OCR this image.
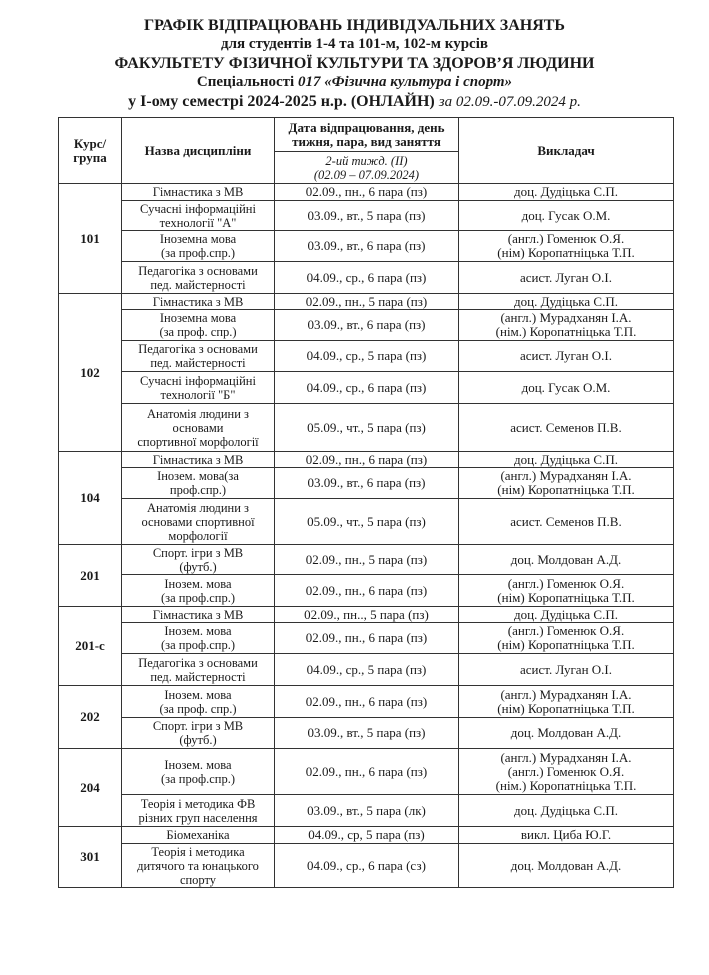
ГРАФІК ВІДПРАЦЮВАНЬ ІНДИВІДУАЛЬНИХ ЗАНЯТЬ
для студентів 1-4 та 101-м, 102-м курсів
ФАКУЛЬТЕТУ ФІЗИЧНОЇ КУЛЬТУРИ ТА ЗДОРОВ’Я ЛЮДИНИ
Спеціальності 017 «Фізична культура і спорт»
у І-ому семестрі 2024-2025 н.р. (ОНЛАЙН) за 02.09.-07.09.2024 р.
Курс/
група	Назва дисципліни	Дата відпрацювання, день
тижня, пара, вид заняття	Викладач

		2-ий тижд. (ІІ)
(02.09 – 07.09.2024)	

101	Гімнастика з МВ	02.09., пн., 6 пара (пз)	доц. Дудіцька С.П.
	Сучасні інформаційні
технології "А"	03.09., вт., 5 пара (пз)	доц. Гусак О.М.
	Іноземна мова
(за проф.спр.)	03.09., вт., 6 пара (пз)	(англ.) Гоменюк О.Я.
(нім) Коропатніцька Т.П.
	Педагогіка з основами
пед. майстерності	04.09., ср., 6 пара (пз)	асист. Луган О.І.
102	Гімнастика з МВ	02.09., пн., 5 пара (пз)	доц. Дудіцька С.П.
	Іноземна мова
(за проф. спр.)	03.09., вт., 6 пара (пз)	(англ.) Мурадханян І.А.
(нім.) Коропатніцька Т.П.
	Педагогіка з основами
пед. майстерності	04.09., ср., 5 пара (пз)	асист. Луган О.І.
	Сучасні інформаційні
технології "Б"	04.09., ср., 6 пара (пз)	доц. Гусак О.М.
	Анатомія людини з
основами
спортивної морфології	05.09., чт., 5 пара (пз)	асист. Семенов П.В.
104	Гімнастика з МВ	02.09., пн., 6 пара (пз)	доц. Дудіцька С.П.
	Інозем. мова(за
проф.спр.)	03.09., вт., 6 пара (пз)	(англ.) Мурадханян І.А.
(нім) Коропатніцька Т.П.
	Анатомія людини з
основами спортивної
морфології	05.09., чт., 5 пара (пз)	асист. Семенов П.В.
201	Спорт. ігри з МВ
(футб.)	02.09., пн., 5 пара (пз)	доц. Молдован А.Д.
	Інозем. мова
(за проф.спр.)	02.09., пн., 6 пара (пз)	(англ.) Гоменюк О.Я.
(нім) Коропатніцька Т.П.
201-с	Гімнастика з МВ	02.09., пн.., 5 пара (пз)	доц. Дудіцька С.П.
	Інозем. мова
(за проф.спр.)	02.09., пн., 6 пара (пз)	(англ.) Гоменюк О.Я.
(нім) Коропатніцька Т.П.
	Педагогіка з основами
пед. майстерності	04.09., ср., 5 пара (пз)	асист. Луган О.І.
202	Інозем. мова
(за проф. спр.)	02.09., пн., 6 пара (пз)	(англ.) Мурадханян І.А.
(нім) Коропатніцька Т.П.
	Спорт. ігри з МВ
(футб.)	03.09., вт., 5 пара (пз)	доц. Молдован А.Д.
204	Інозем. мова
(за проф.спр.)	02.09., пн., 6 пара (пз)	(англ.) Мурадханян І.А.
(англ.) Гоменюк О.Я.
(нім.) Коропатніцька Т.П.
	Теорія і методика ФВ
різних груп населення	03.09., вт., 5 пара (лк)	доц. Дудіцька С.П.
301	Біомеханіка	04.09., ср, 5 пара (пз)	викл. Циба Ю.Г.
	Теорія і методика
дитячого та юнацького
спорту	04.09., ср., 6 пара (сз)	доц. Молдован А.Д.
